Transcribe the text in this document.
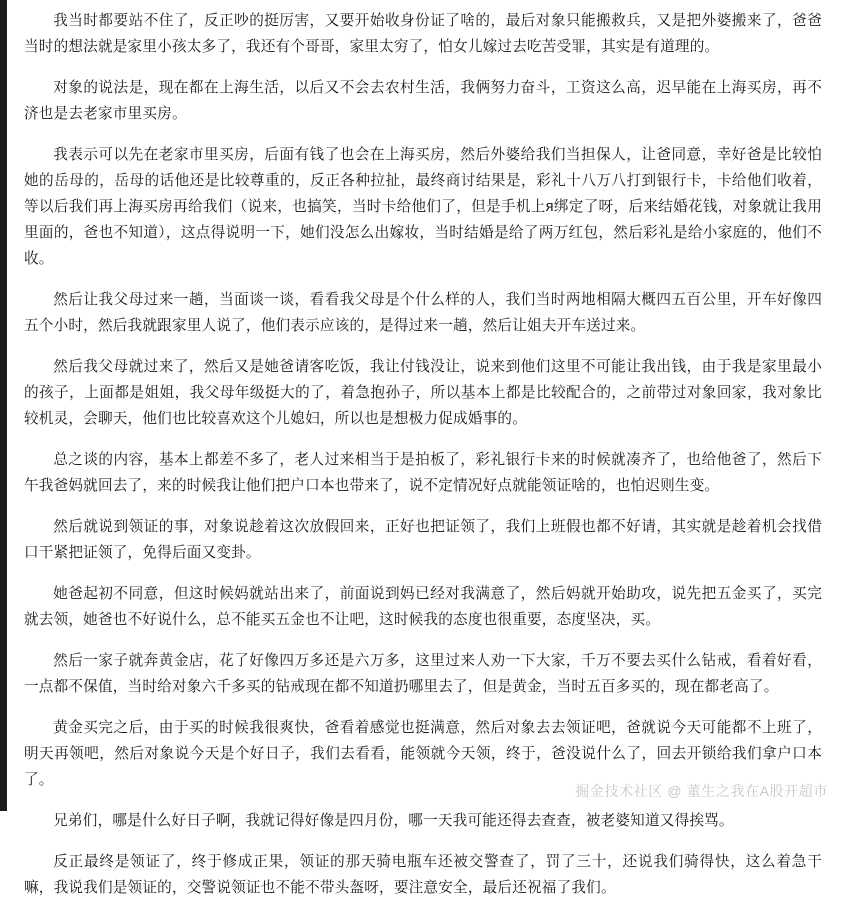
我当时都要站不住了，反正吵的挺厉害，又要开始收身份证了啥的，最后对象只能搬救兵，又是把外婆搬来了，爸爸当时的想法就是家里小孩太多了，我还有个哥哥，家里太穷了，怕女儿嫁过去吃苦受罪，其实是有道理的。

对象的说法是，现在都在上海生活，以后又不会去农村生活，我俩努力奋斗，工资这么高，迟早能在上海买房，再不济也是去老家市里买房。

我表示可以先在老家市里买房，后面有钱了也会在上海买房，然后外婆给我们当担保人，让爸同意，幸好爸是比较怕她的岳母的，岳母的话他还是比较尊重的，反正各种拉扯，最终商讨结果是，彩礼十八万八打到银行卡，卡给他们收着，等以后我们再上海买房再给我们（说来，也搞笑，当时卡给他们了，但是手机上я绑定了呀，后来结婚花钱，对象就让我用里面的，爸也不知道），这点得说明一下，她们没怎么出嫁妆，当时结婚是给了两万红包，然后彩礼是给小家庭的，他们不收。

然后让我父母过来一趟，当面谈一谈，看看我父母是个什么样的人，我们当时两地相隔大概四五百公里，开车好像四五个小时，然后我就跟家里人说了，他们表示应该的，是得过来一趟，然后让姐夫开车送过来。

然后我父母就过来了，然后又是她爸请客吃饭，我让付钱没让，说来到他们这里不可能让我出钱，由于我是家里最小的孩子，上面都是姐姐，我父母年级挺大的了，着急抱孙子，所以基本上都是比较配合的，之前带过对象回家，我对象比较机灵，会聊天，他们也比较喜欢这个儿媳妇，所以也是想极力促成婚事的。

总之谈的内容，基本上都差不多了，老人过来相当于是拍板了，彩礼银行卡来的时候就凑齐了，也给他爸了，然后下午我爸妈就回去了，来的时候我让他们把户口本也带来了，说不定情况好点就能领证啥的，也怕迟则生变。

然后就说到领证的事，对象说趁着这次放假回来，正好也把证领了，我们上班假也都不好请，其实就是趁着机会找借口干紧把证领了，免得后面又变卦。

她爸起初不同意，但这时候妈就站出来了，前面说到妈已经对我满意了，然后妈就开始助攻，说先把五金买了，买完就去领，她爸也不好说什么，总不能买五金也不让吧，这时候我的态度也很重要，态度坚决，买。

然后一家子就奔黄金店，花了好像四万多还是六万多，这里过来人劝一下大家，千万不要去买什么钻戒，看着好看，一点都不保值，当时给对象六千多买的钻戒现在都不知道扔哪里去了，但是黄金，当时五百多买的，现在都老高了。

黄金买完之后，由于买的时候我很爽快，爸看着感觉也挺满意，然后对象去去领证吧，爸就说今天可能都不上班了，明天再领吧，然后对象说今天是个好日子，我们去看看，能领就今天领，终于，爸没说什么了，回去开锁给我们拿户口本了。

兄弟们，哪是什么好日子啊，我就记得好像是四月份，哪一天我可能还得去查查，被老婆知道又得挨骂。

反正最终是领证了，终于修成正果，领证的那天骑电瓶车还被交警查了，罚了三十，还说我们骑得快，这么着急干嘛，我说我们是领证的，交警说领证也不能不带头盔呀，要注意安全，最后还祝福了我们。

掘金技术社区 @ 董生之我在A股开超市
